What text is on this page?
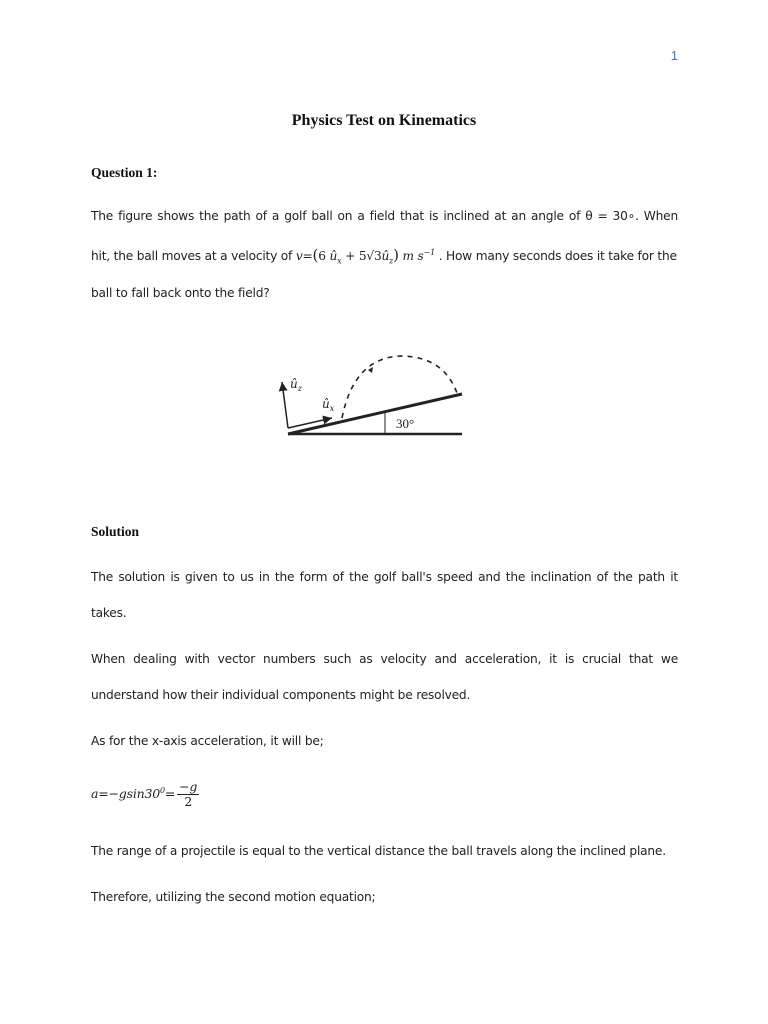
1
Physics Test on Kinematics
Question 1:
The figure shows the path of a golf ball on a field that is inclined at an angle of θ = 30∘. When
hit, the ball moves at a velocity of v=(6 $û_x$ + $5√3û_z$) m $s^{-1}$ . How many seconds does it take for the
ball to fall back onto the field?
$û_z$
$û_x$
30°
Solution
The solution is given to us in the form of the golf ball's speed and the inclination of the path it
takes.
When dealing with vector numbers such as velocity and acceleration, it is crucial that we
understand how their individual components might be resolved.
As for the x-axis acceleration, it will be;
$a=-gsin30^0= \frac{-g}{2}$
The range of a projectile is equal to the vertical distance the ball travels along the inclined plane.
Therefore, utilizing the second motion equation;
